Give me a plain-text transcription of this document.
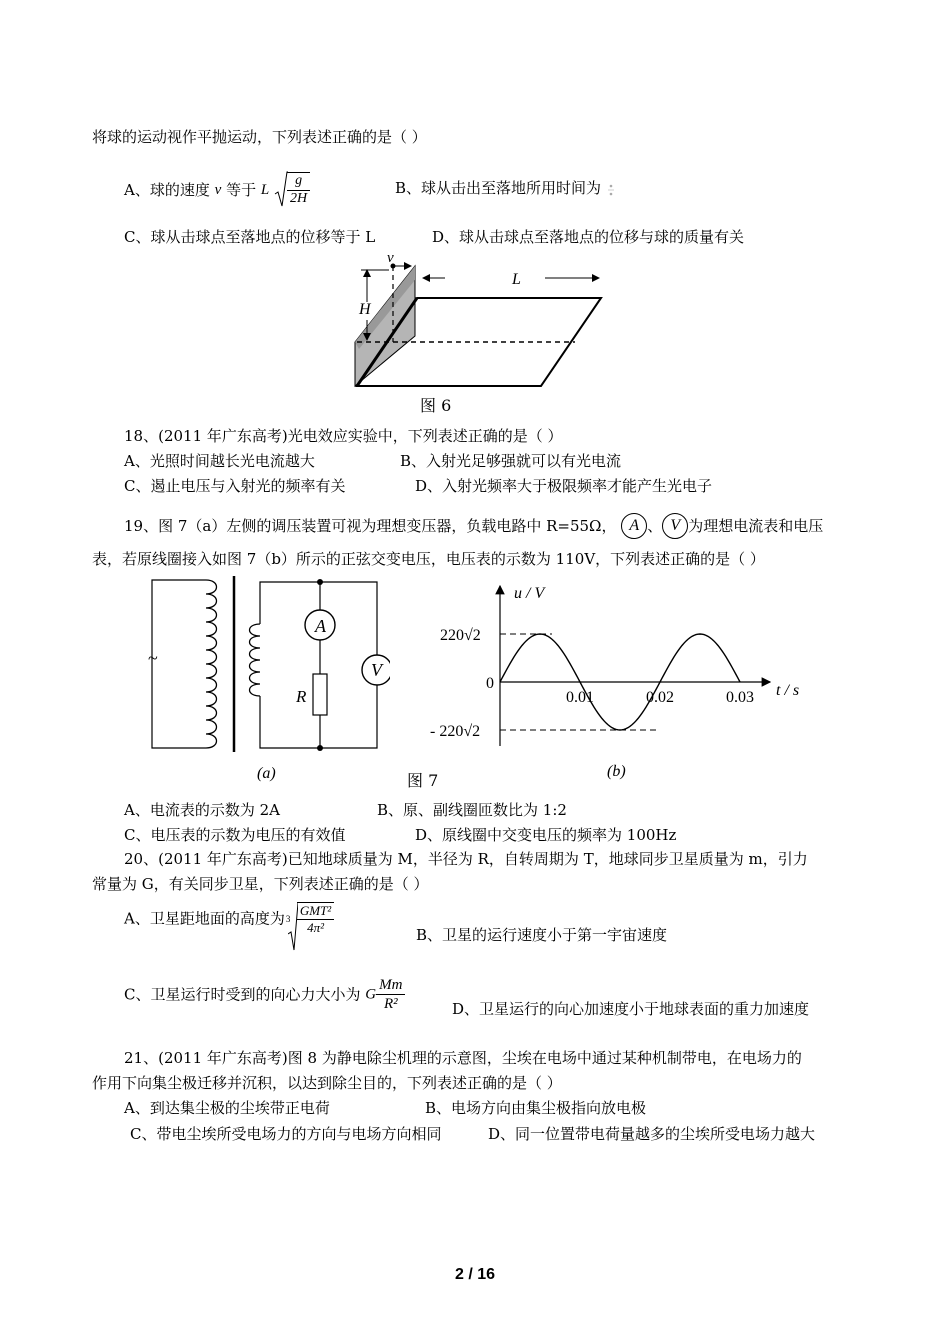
将球的运动视作平抛运动，下列表述正确的是（ ）
A、球的速度 v 等于 L $\frac{g}{2H}$	B、球从击出至落地所用时间为
C、球从击球点至落地点的位移等于 L	D、球从击球点至落地点的位移与球的质量有关
v
H
L
图 6
18、(2011 年广东高考)光电效应实验中，下列表述正确的是（ ）
A、光照时间越长光电流越大	B、入射光足够强就可以有光电流
C、遏止电压与入射光的频率有关	D、入射光频率大于极限频率才能产生光电子
19、图 7（a）左侧的调压装置可视为理想变压器，负载电路中 R=55Ω， A 、 V 为理想电流表和电压
表，若原线圈接入如图 7（b）所示的正弦交变电压，电压表的示数为 110V，下列表述正确的是（ ）
~
A
V
R
(a)	图 7	(b)
u / V
t / s
220√2
0
- 220√2
0.01	0.02	0.03
A、电流表的示数为 2A	B、原、副线圈匝数比为 1:2
C、电压表的示数为电压的有效值	D、原线圈中交变电压的频率为 100Hz
20、(2011 年广东高考)已知地球质量为 M，半径为 R，自转周期为 T，地球同步卫星质量为 m，引力
常量为 G，有关同步卫星，下列表述正确的是（ ）
A、卫星距地面的高度为 $3 \frac{\text{GMT²}}{\text{4π²}}$	B、卫星的运行速度小于第一宇宙速度
C、卫星运行时受到的向心力大小为 G $\frac{Mm}{\text{R²}}$	D、卫星运行的向心加速度小于地球表面的重力加速度
21、(2011 年广东高考)图 8 为静电除尘机理的示意图，尘埃在电场中通过某种机制带电，在电场力的
作用下向集尘极迁移并沉积，以达到除尘目的，下列表述正确的是（ ）
A、到达集尘极的尘埃带正电荷	B、电场方向由集尘极指向放电极
C、带电尘埃所受电场力的方向与电场方向相同	D、同一位置带电荷量越多的尘埃所受电场力越大
2 / 16
